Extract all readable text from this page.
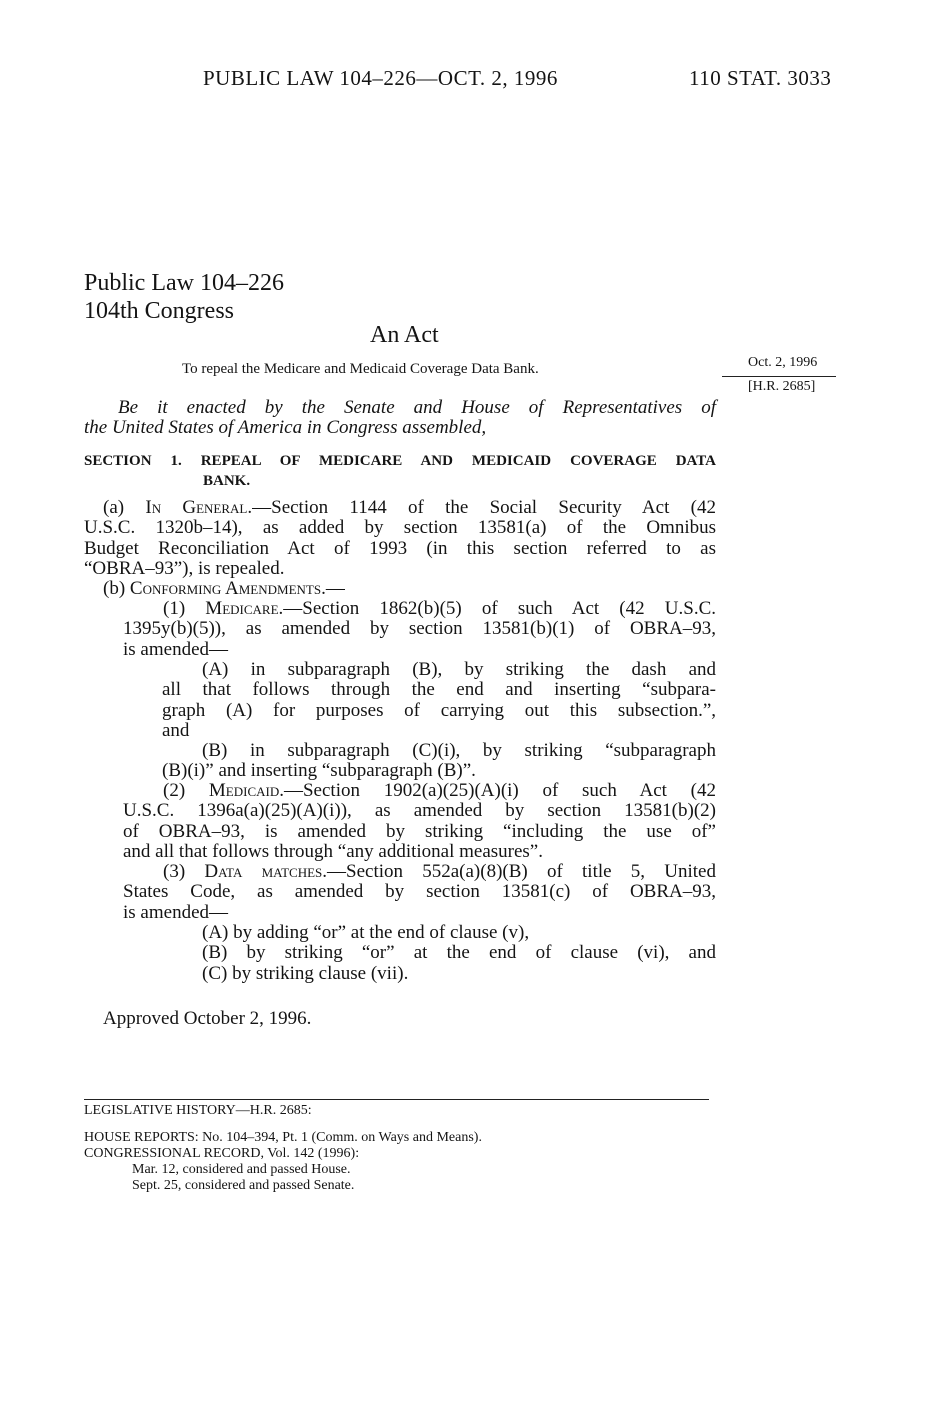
PUBLIC LAW 104–226—OCT. 2, 1996	110 STAT. 3033
Public Law 104–226
104th Congress
An Act
To repeal the Medicare and Medicaid Coverage Data Bank.	Oct. 2, 1996
[H.R. 2685]
Be it enacted by the Senate and House of Representatives of
the United States of America in Congress assembled,
SECTION 1. REPEAL OF MEDICARE AND MEDICAID COVERAGE DATA
BANK.
(a) In General.—Section 1144 of the Social Security Act (42
U.S.C. 1320b–14), as added by section 13581(a) of the Omnibus
Budget Reconciliation Act of 1993 (in this section referred to as
“OBRA–93”), is repealed.
(b) Conforming Amendments.—
(1) Medicare.—Section 1862(b)(5) of such Act (42 U.S.C.
1395y(b)(5)), as amended by section 13581(b)(1) of OBRA–93,
is amended—
(A) in subparagraph (B), by striking the dash and
all that follows through the end and inserting “subpara-
graph (A) for purposes of carrying out this subsection.”,
and
(B) in subparagraph (C)(i), by striking “subparagraph
(B)(i)” and inserting “subparagraph (B)”.
(2) Medicaid.—Section 1902(a)(25)(A)(i) of such Act (42
U.S.C. 1396a(a)(25)(A)(i)), as amended by section 13581(b)(2)
of OBRA–93, is amended by striking “including the use of”
and all that follows through “any additional measures”.
(3) Data matches.—Section 552a(a)(8)(B) of title 5, United
States Code, as amended by section 13581(c) of OBRA–93,
is amended—
(A) by adding “or” at the end of clause (v),
(B) by striking “or” at the end of clause (vi), and
(C) by striking clause (vii).
Approved October 2, 1996.
LEGISLATIVE HISTORY—H.R. 2685:
HOUSE REPORTS: No. 104–394, Pt. 1 (Comm. on Ways and Means).
CONGRESSIONAL RECORD, Vol. 142 (1996):
Mar. 12, considered and passed House.
Sept. 25, considered and passed Senate.
